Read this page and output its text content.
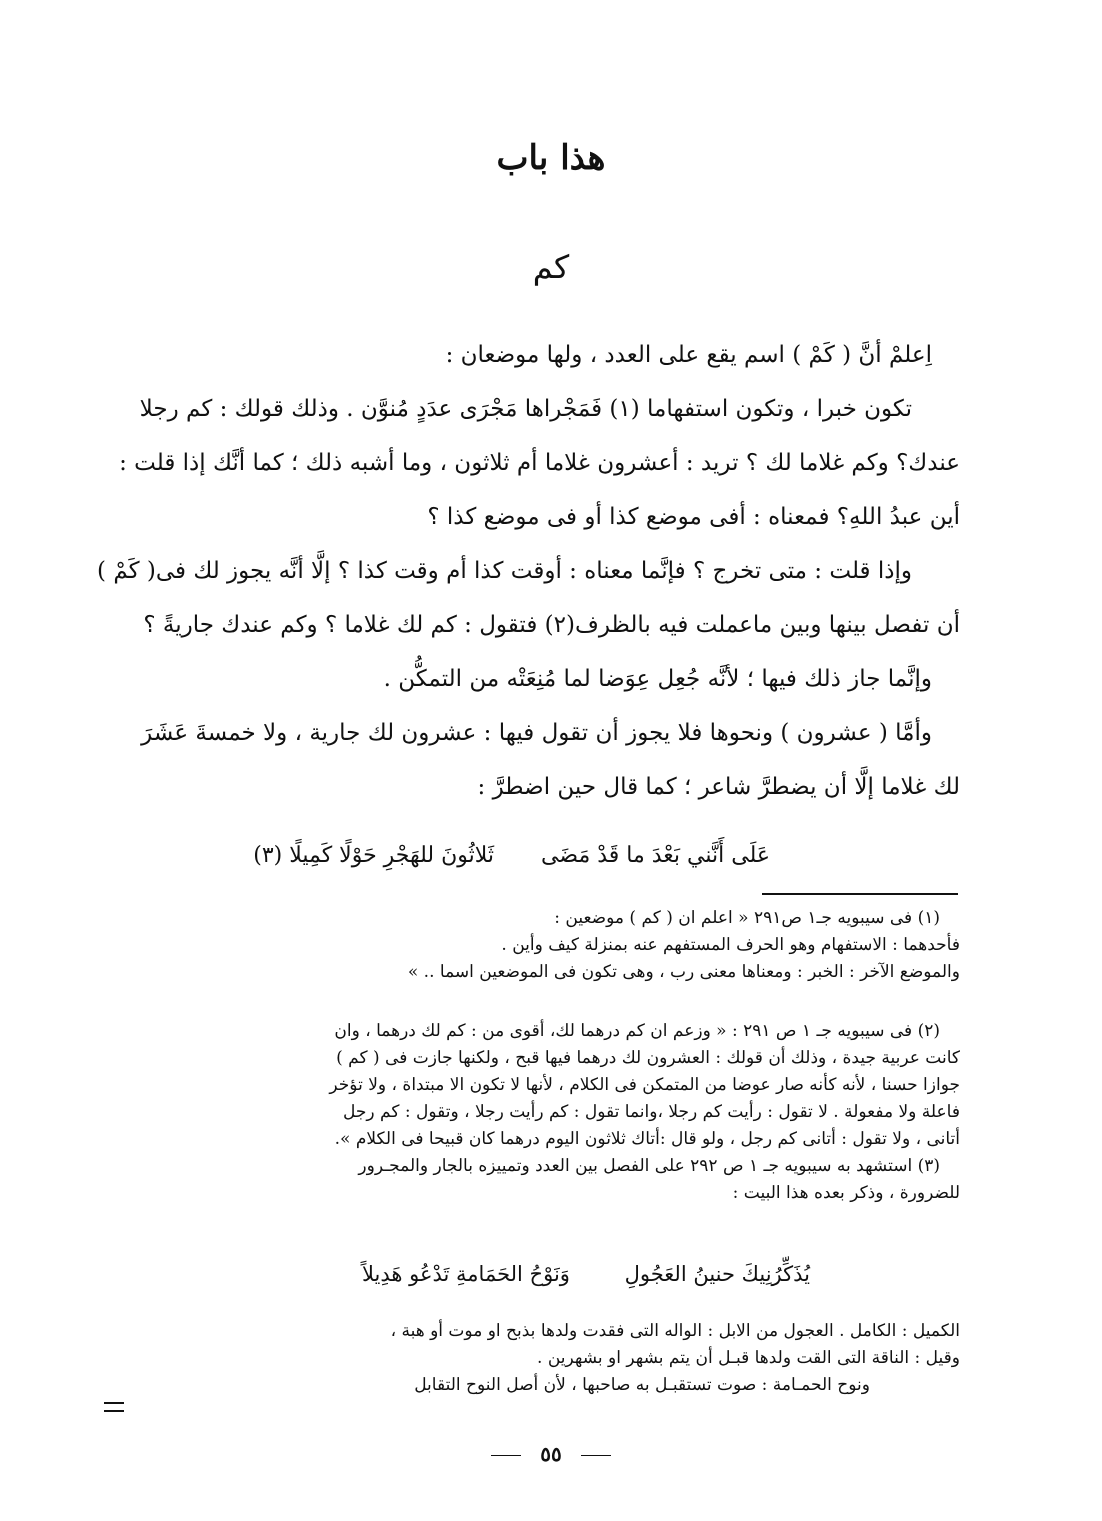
هذا باب
كم
اِعلمْ أنَّ ( كَمْ ) اسم يقع على العدد ، ولها موضعان :
تكون خبرا ، وتكون استفهاما (١) فَمَجْراها مَجْرَى عدَدٍ مُنوَّن . وذلك قولك : كم رجلا
عندك؟ وكم غلاما لك ؟ تريد : أعشرون غلاما أم ثلاثون ، وما أشبه ذلك ؛ كما أنَّك إذا قلت :
أين عبدُ اللهِ؟ فمعناه : أفى موضع كذا أو فى موضع كذا ؟
وإذا قلت : متى تخرج ؟ فإنَّما معناه : أوقت كذا أم وقت كذا ؟ إلَّا أنَّه يجوز لك فى( كَمْ )
أن تفصل بينها وبين ماعملت فيه بالظرف(٢) فتقول : كم لك غلاما ؟ وكم عندك جاريةً ؟
وإنَّما جاز ذلك فيها ؛ لأنَّه جُعِل عِوَضا لما مُنِعَتْه من التمكُّن .
وأمَّا ( عشرون ) ونحوها فلا يجوز أن تقول فيها : عشرون لك جارية ، ولا خمسةَ عَشَرَ
لك غلاما إلَّا أن يضطرَّ شاعر ؛ كما قال حين اضطرَّ :
عَلَى أَنَّني بَعْدَ ما قَدْ مَضَى ثَلاثُونَ للهَجْرِ حَوْلًا كَمِيلًا (٣)
(١) فى سيبويه جـ١ ص٢٩١ « اعلم ان ( كم ) موضعين :
فأحدهما : الاستفهام وهو الحرف المستفهم عنه بمنزلة كيف وأين .
والموضع الآخر : الخبر : ومعناها معنى رب ، وهى تكون فى الموضعين اسما .. »
(٢) فى سيبويه جـ ١ ص ٢٩١ : « وزعم ان كم درهما لك، أقوى من : كم لك درهما ، وان
كانت عربية جيدة ، وذلك أن قولك : العشرون لك درهما فيها قبح ، ولكنها جازت فى ( كم )
جوازا حسنا ، لأنه كأنه صار عوضا من المتمكن فى الكلام ، لأنها لا تكون الا مبتداة ، ولا تؤخر
فاعلة ولا مفعولة . لا تقول : رأيت كم رجلا ،وانما تقول : كم رأيت رجلا ، وتقول : كم رجل
أتانى ، ولا تقول : أتانى كم رجل ، ولو قال :أتاك ثلاثون اليوم درهما كان قبيحا فى الكلام ».
(٣) استشهد به سيبويه جـ ١ ص ٢٩٢ على الفصل بين العدد وتمييزه بالجار والمجـرور
للضرورة ، وذكر بعده هذا البيت :
يُذَكِّرُنِيكَ حنينُ العَجُولِ وَنَوْحُ الحَمَامةِ تَدْعُو هَدِيلاً
الكميل : الكامل . العجول من الابل : الواله التى فقدت ولدها بذبح او موت أو هبة ،
وقيل : الناقة التى القت ولدها قبـل أن يتم بشهر او بشهرين .
ونوح الحمـامة : صوت تستقبـل به صاحبها ، لأن أصل النوح التقابل
٥٥
